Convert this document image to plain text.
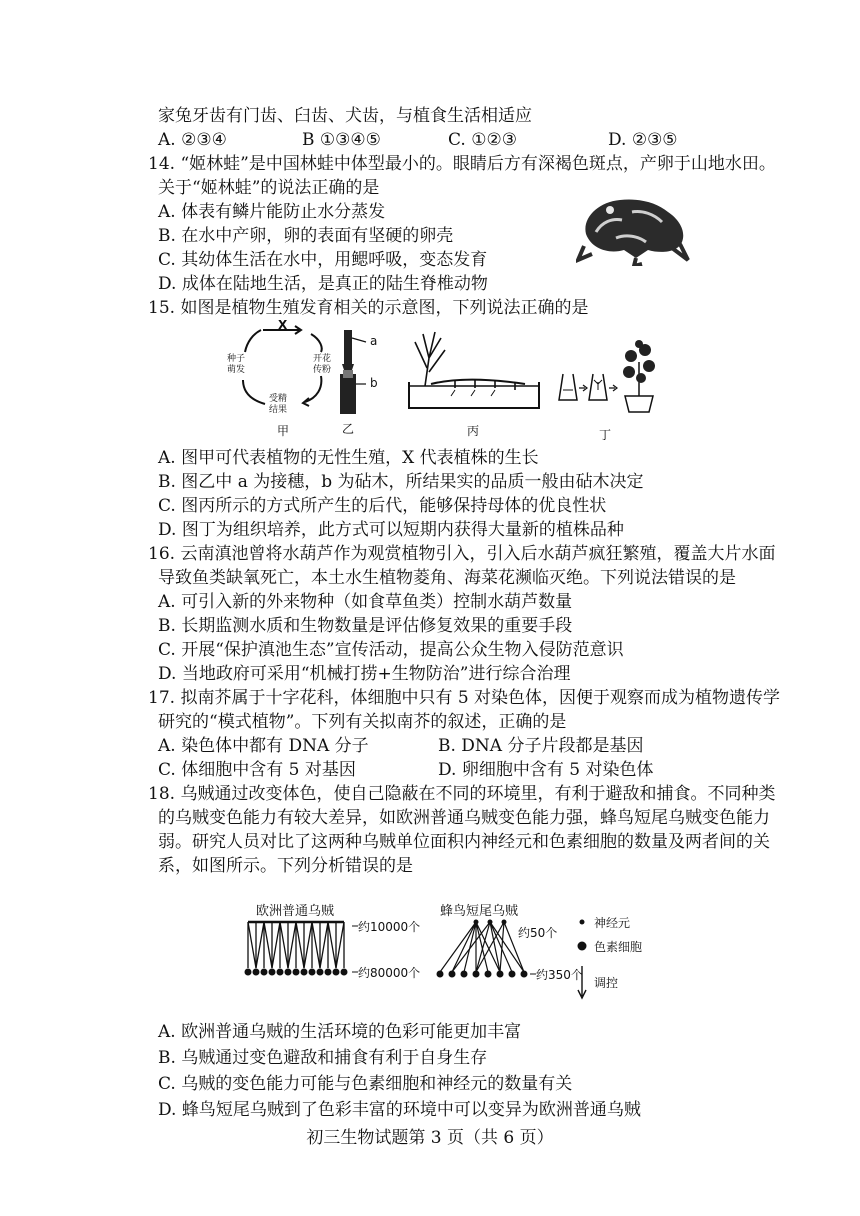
家兔牙齿有门齿、臼齿、犬齿，与植食生活相适应
A. ②③④	B ①③④⑤	C. ①②③	D. ②③⑤
14. “姬林蛙”是中国林蛙中体型最小的。眼睛后方有深褐色斑点，产卵于山地水田。
关于“姬林蛙”的说法正确的是
A. 体表有鳞片能防止水分蒸发
B. 在水中产卵，卵的表面有坚硬的卵壳
C. 其幼体生活在水中，用鳃呼吸，变态发育
D. 成体在陆地生活，是真正的陆生脊椎动物
15. 如图是植物生殖发育相关的示意图，下列说法正确的是
X
种子萌发
开花传粉
受精结果
甲
a
b
乙	丙	丁
A. 图甲可代表植物的无性生殖，X 代表植株的生长
B. 图乙中 a 为接穗，b 为砧木，所结果实的品质一般由砧木决定
C. 图丙所示的方式所产生的后代，能够保持母体的优良性状
D. 图丁为组织培养，此方式可以短期内获得大量新的植株品种
16. 云南滇池曾将水葫芦作为观赏植物引入，引入后水葫芦疯狂繁殖，覆盖大片水面
导致鱼类缺氧死亡，本土水生植物菱角、海菜花濒临灭绝。下列说法错误的是
A. 可引入新的外来物种（如食草鱼类）控制水葫芦数量
B. 长期监测水质和生物数量是评估修复效果的重要手段
C. 开展“保护滇池生态”宣传活动，提高公众生物入侵防范意识
D. 当地政府可采用“机械打捞+生物防治”进行综合治理
17. 拟南芥属于十字花科，体细胞中只有 5 对染色体，因便于观察而成为植物遗传学
研究的“模式植物”。下列有关拟南芥的叙述，正确的是
A. 染色体中都有 DNA 分子	B. DNA 分子片段都是基因
C. 体细胞中含有 5 对基因	D. 卵细胞中含有 5 对染色体
18. 乌贼通过改变体色，使自己隐蔽在不同的环境里，有利于避敌和捕食。不同种类
的乌贼变色能力有较大差异，如欧洲普通乌贼变色能力强，蜂鸟短尾乌贼变色能力
弱。研究人员对比了这两种乌贼单位面积内神经元和色素细胞的数量及两者间的关
系，如图所示。下列分析错误的是
欧洲普通乌贼	蜂鸟短尾乌贼
约10000个
约80000个
约50个
约350个
神经元
色素细胞
调控
A. 欧洲普通乌贼的生活环境的色彩可能更加丰富
B. 乌贼通过变色避敌和捕食有利于自身生存
C. 乌贼的变色能力可能与色素细胞和神经元的数量有关
D. 蜂鸟短尾乌贼到了色彩丰富的环境中可以变异为欧洲普通乌贼
初三生物试题第 3 页（共 6 页）
